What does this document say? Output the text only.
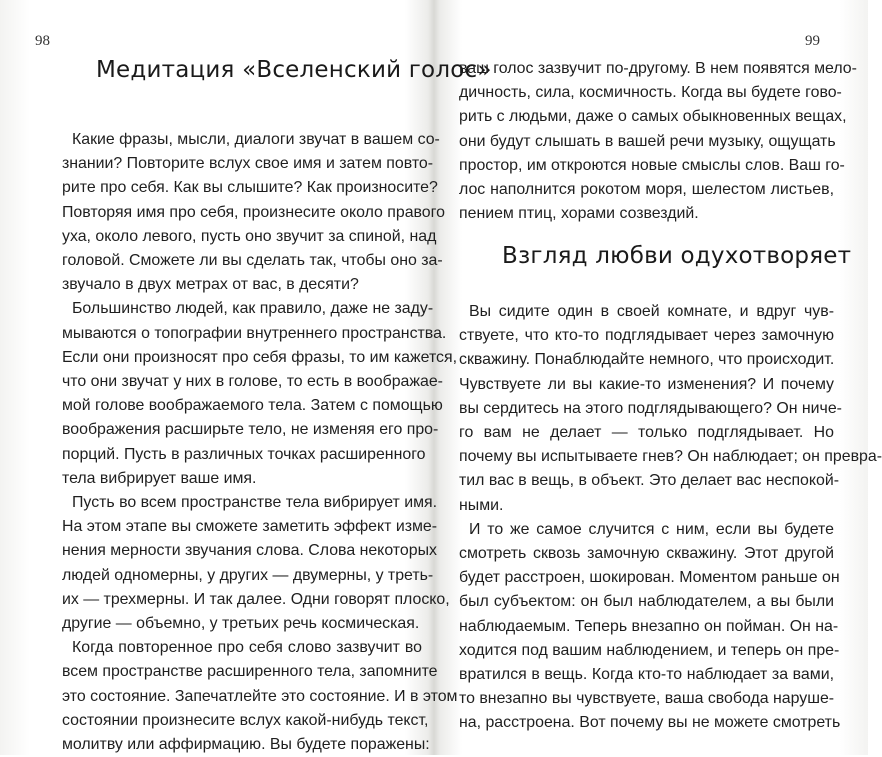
98
Медитация «Вселенский голос»
Какие фразы, мысли, диалоги звучат в вашем со-
знании? Повторите вслух свое имя и затем повто-
рите про себя. Как вы слышите? Как произносите?
Повторяя имя про себя, произнесите около правого
уха, около левого, пусть оно звучит за спиной, над
головой. Сможете ли вы сделать так, чтобы оно за-
звучало в двух метрах от вас, в десяти?
Большинство людей, как правило, даже не заду-
мываются о топографии внутреннего пространства.
Если они произносят про себя фразы, то им кажется,
что они звучат у них в голове, то есть в воображае-
мой голове воображаемого тела. Затем с помощью
воображения расширьте тело, не изменяя его про-
порций. Пусть в различных точках расширенного
тела вибрирует ваше имя.
Пусть во всем пространстве тела вибрирует имя.
На этом этапе вы сможете заметить эффект изме-
нения мерности звучания слова. Слова некоторых
людей одномерны, у других — двумерны, у треть-
их — трехмерны. И так далее. Одни говорят плоско,
другие — объемно, у третьих речь космическая.
Когда повторенное про себя слово зазвучит во
всем пространстве расширенного тела, запомните
это состояние. Запечатлейте это состояние. И в этом
состоянии произнесите вслух какой-нибудь текст,
молитву или аффирмацию. Вы будете поражены:
99
ваш голос зазвучит по-другому. В нем появятся мело-
дичность, сила, космичность. Когда вы будете гово-
рить с людьми, даже о самых обыкновенных вещах,
они будут слышать в вашей речи музыку, ощущать
простор, им откроются новые смыслы слов. Ваш го-
лос наполнится рокотом моря, шелестом листьев,
пением птиц, хорами созвездий.
Взгляд любви одухотворяет
Вы сидите один в своей комнате, и вдруг чув-
ствуете, что кто-то подглядывает через замочную
скважину. Понаблюдайте немного, что происходит.
Чувствуете ли вы какие-то изменения? И почему
вы сердитесь на этого подглядывающего? Он ниче-
го вам не делает — только подглядывает. Но
почему вы испытываете гнев? Он наблюдает; он преврa-
тил вас в вещь, в объект. Это делает вас неспокой-
ными.
И то же самое случится с ним, если вы будете
смотреть сквозь замочную скважину. Этот другой
будет расстроен, шокирован. Моментом раньше он
был субъектом: он был наблюдателем, а вы были
наблюдаемым. Теперь внезапно он пойман. Он на-
ходится под вашим наблюдением, и теперь он пре-
вратился в вещь. Когда кто-то наблюдает за вами,
то внезапно вы чувствуете, ваша свобода наруше-
на, расстроена. Вот почему вы не можете смотреть
